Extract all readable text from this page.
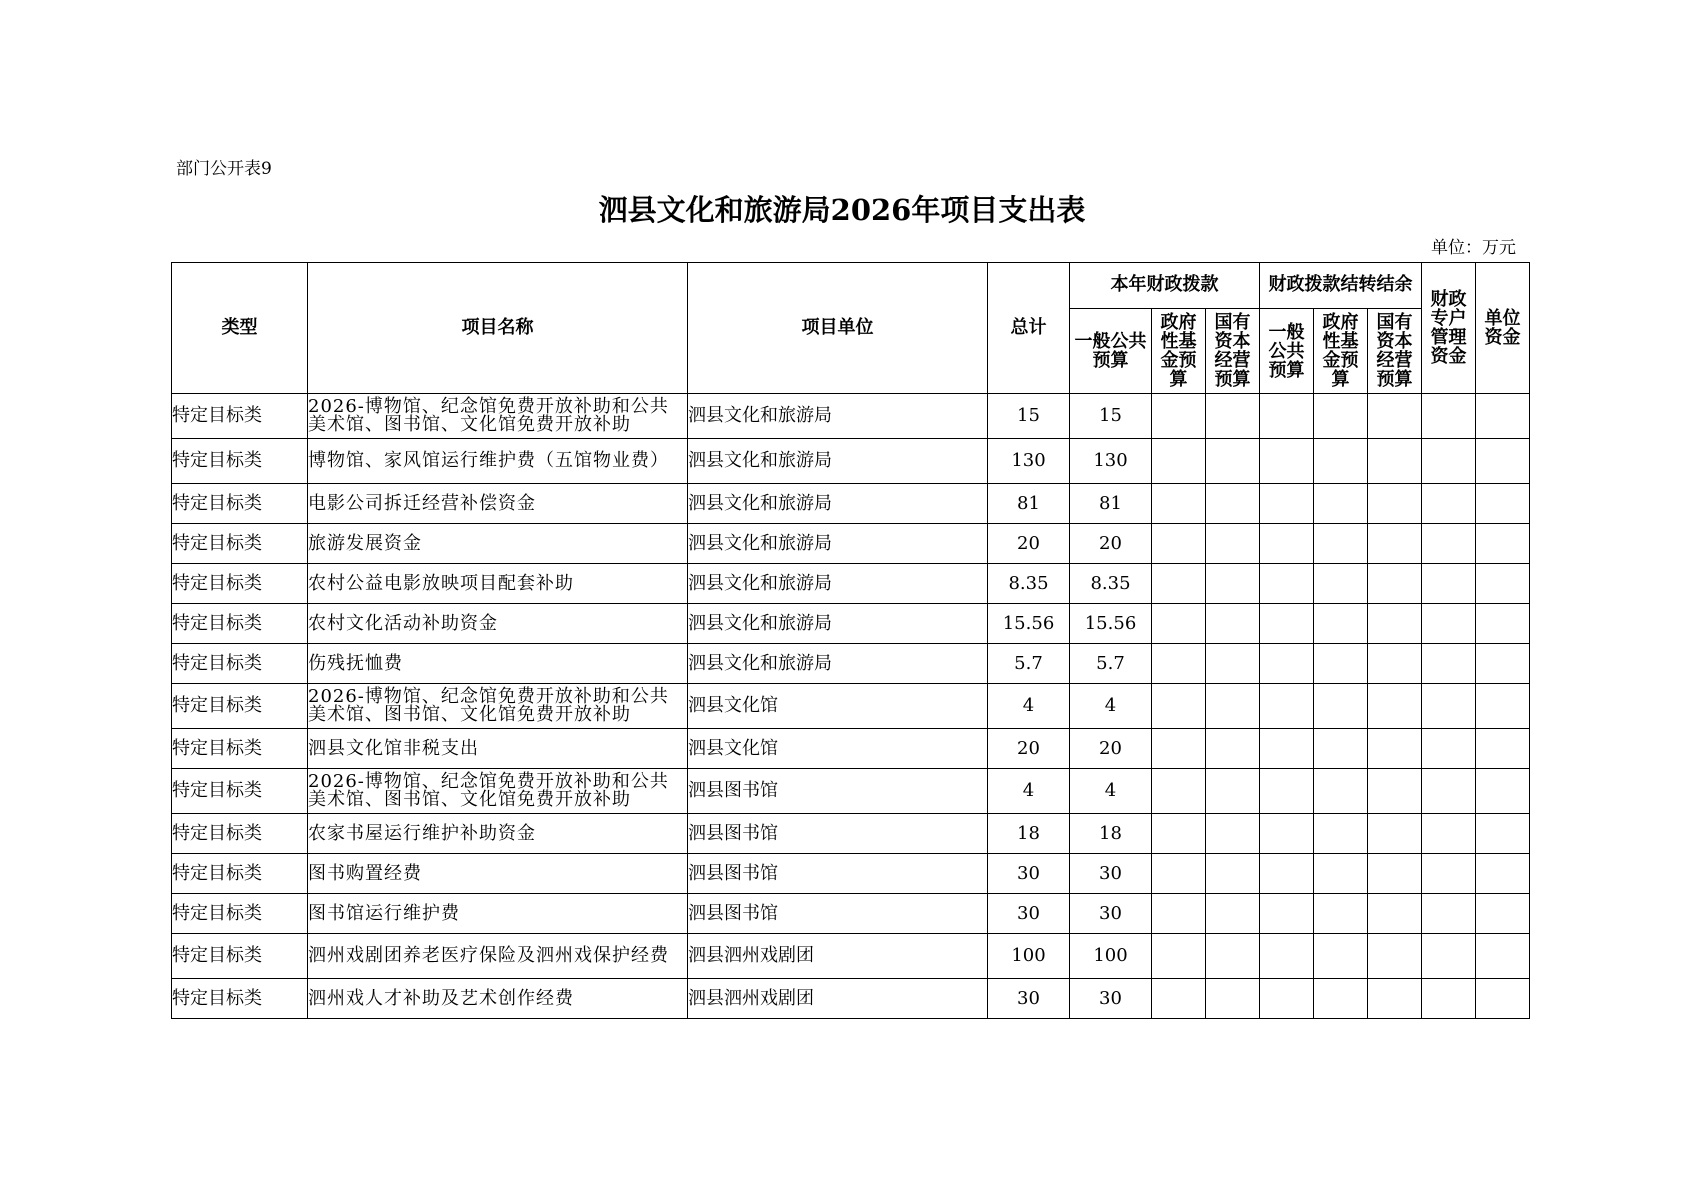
部门公开表9
泗县文化和旅游局2026年项目支出表
单位：万元
类型	项目名称	项目单位	总计	本年财政拨款			财政拨款结转结余			财政专户管理资金	单位资金
				一般公共预算	政府性基金预算	国有资本经营预算	一般公共预算	政府性基金预算	国有资本经营预算		
特定目标类	2026-博物馆、纪念馆免费开放补助和公共美术馆、图书馆、文化馆免费开放补助	泗县文化和旅游局	15	15							
特定目标类	博物馆、家风馆运行维护费（五馆物业费）	泗县文化和旅游局	130	130							
特定目标类	电影公司拆迁经营补偿资金	泗县文化和旅游局	81	81							
特定目标类	旅游发展资金	泗县文化和旅游局	20	20							
特定目标类	农村公益电影放映项目配套补助	泗县文化和旅游局	8.35	8.35							
特定目标类	农村文化活动补助资金	泗县文化和旅游局	15.56	15.56							
特定目标类	伤残抚恤费	泗县文化和旅游局	5.7	5.7							
特定目标类	2026-博物馆、纪念馆免费开放补助和公共美术馆、图书馆、文化馆免费开放补助	泗县文化馆	4	4							
特定目标类	泗县文化馆非税支出	泗县文化馆	20	20							
特定目标类	2026-博物馆、纪念馆免费开放补助和公共美术馆、图书馆、文化馆免费开放补助	泗县图书馆	4	4							
特定目标类	农家书屋运行维护补助资金	泗县图书馆	18	18							
特定目标类	图书购置经费	泗县图书馆	30	30							
特定目标类	图书馆运行维护费	泗县图书馆	30	30							
特定目标类	泗州戏剧团养老医疗保险及泗州戏保护经费	泗县泗州戏剧团	100	100							
特定目标类	泗州戏人才补助及艺术创作经费	泗县泗州戏剧团	30	30							
